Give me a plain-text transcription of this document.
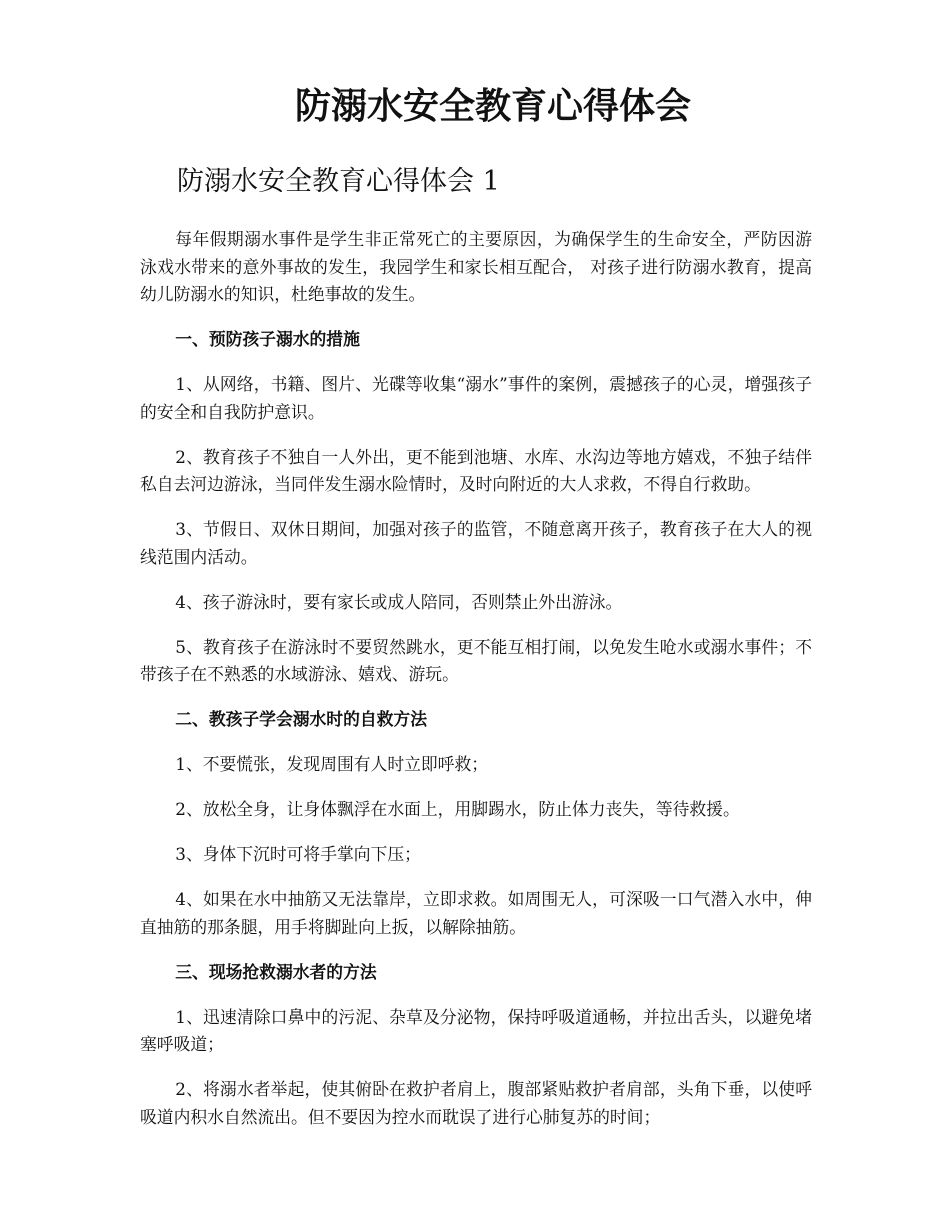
防溺水安全教育心得体会
防溺水安全教育心得体会 1

每年假期溺水事件是学生非正常死亡的主要原因，为确保学生的生命安全，严防因游泳戏水带来的意外事故的发生，我园学生和家长相互配合， 对孩子进行防溺水教育，提高幼儿防溺水的知识，杜绝事故的发生。

一、预防孩子溺水的措施

1、从网络，书籍、图片、光碟等收集“溺水”事件的案例，震撼孩子的心灵，增强孩子的安全和自我防护意识。

2、教育孩子不独自一人外出，更不能到池塘、水库、水沟边等地方嬉戏，不独子结伴私自去河边游泳，当同伴发生溺水险情时，及时向附近的大人求救，不得自行救助。

3、节假日、双休日期间，加强对孩子的监管，不随意离开孩子，教育孩子在大人的视线范围内活动。

4、孩子游泳时，要有家长或成人陪同，否则禁止外出游泳。

5、教育孩子在游泳时不要贸然跳水，更不能互相打闹，以免发生呛水或溺水事件；不带孩子在不熟悉的水域游泳、嬉戏、游玩。

二、教孩子学会溺水时的自救方法

1、不要慌张，发现周围有人时立即呼救；

2、放松全身，让身体飘浮在水面上，用脚踢水，防止体力丧失，等待救援。

3、身体下沉时可将手掌向下压；

4、如果在水中抽筋又无法靠岸，立即求救。如周围无人，可深吸一口气潜入水中，伸直抽筋的那条腿，用手将脚趾向上扳，以解除抽筋。

三、现场抢救溺水者的方法

1、迅速清除口鼻中的污泥、杂草及分泌物，保持呼吸道通畅，并拉出舌头，以避免堵塞呼吸道；

2、将溺水者举起，使其俯卧在救护者肩上，腹部紧贴救护者肩部，头角下垂，以使呼吸道内积水自然流出。但不要因为控水而耽误了进行心肺复苏的时间；
